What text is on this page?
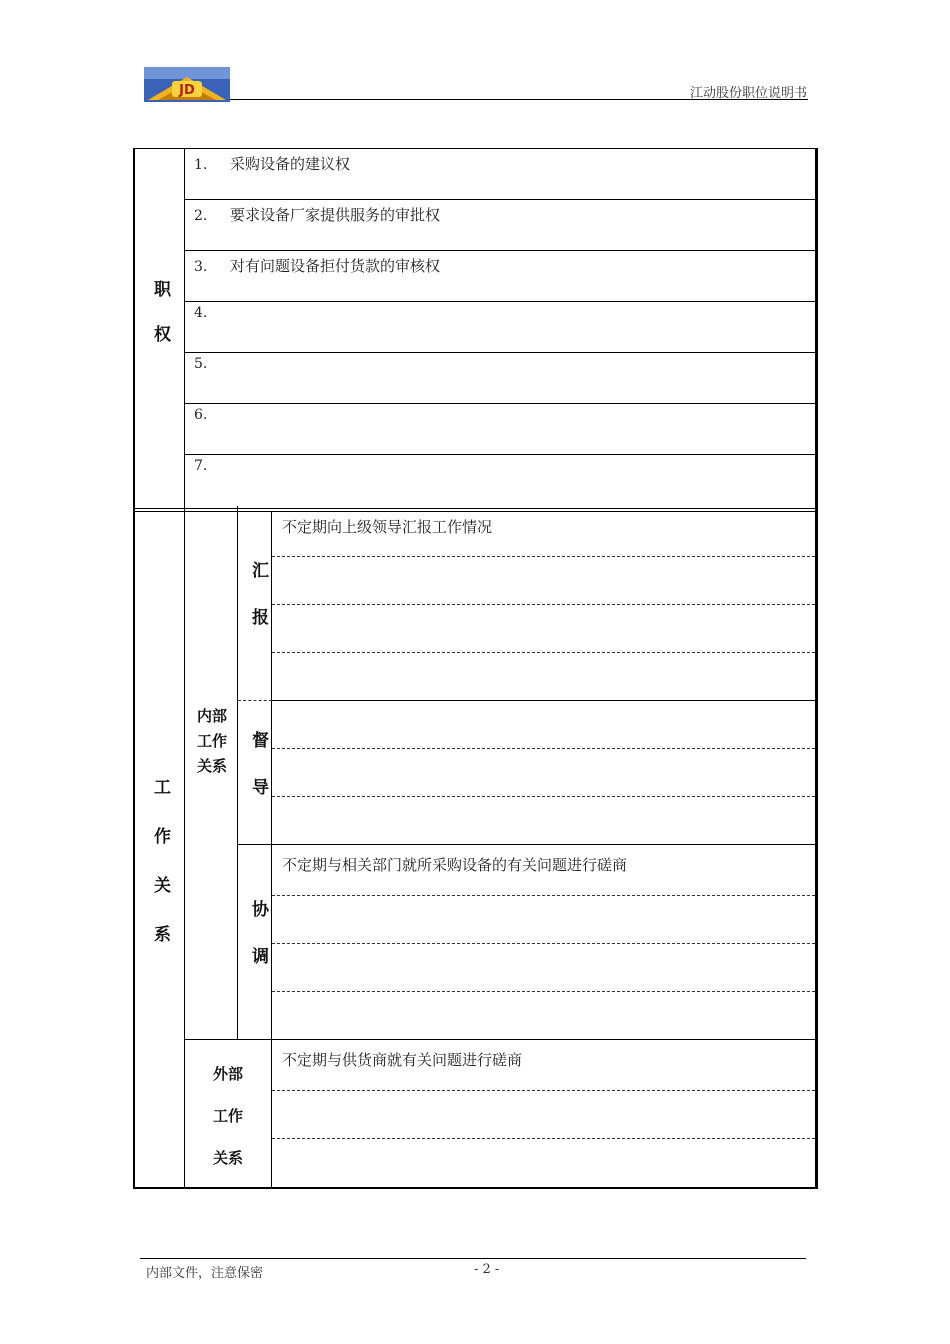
JD	江动股份职位说明书
职权
1. 采购设备的建议权
2. 要求设备厂家提供服务的审批权
3. 对有问题设备拒付货款的审核权
4.
5.
6.
7.
工作关系
内部
工作
关系
汇报
不定期向上级领导汇报工作情况
督导
协调
不定期与相关部门就所采购设备的有关问题进行磋商
外部
工作
关系
不定期与供货商就有关问题进行磋商
内部文件，注意保密	- 2 -
